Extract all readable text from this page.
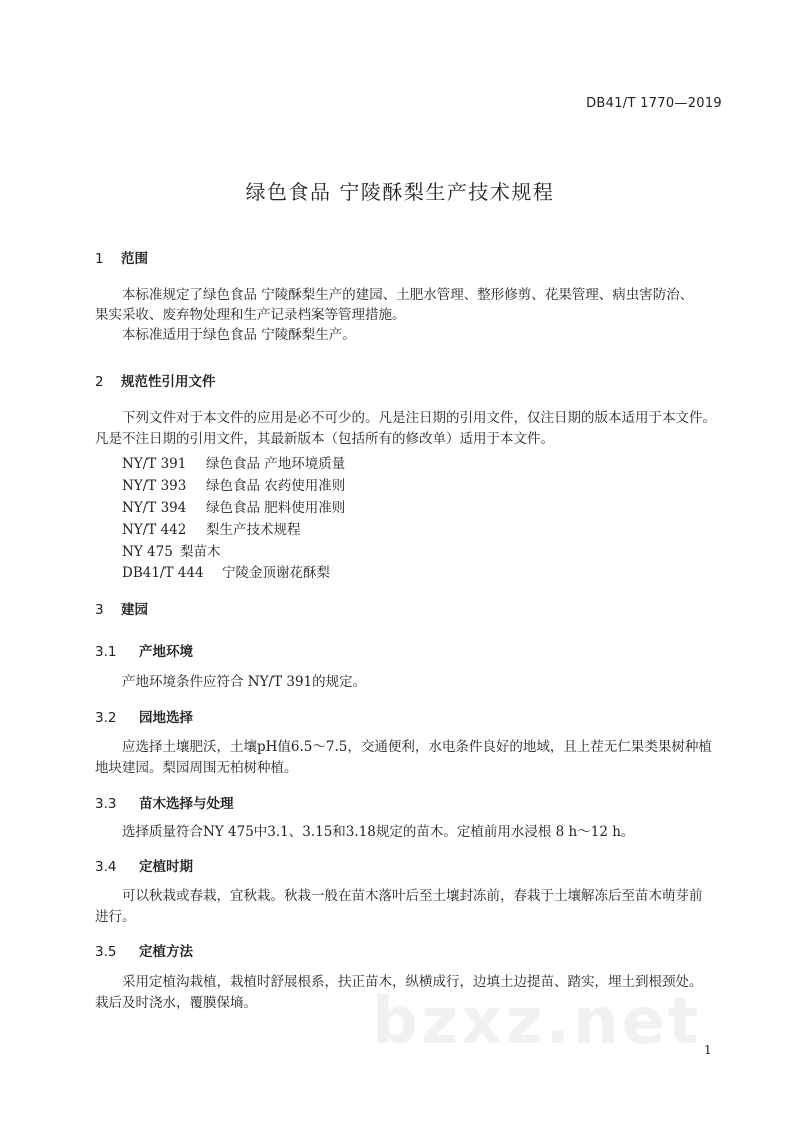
DB41/T 1770—2019
绿色食品 宁陵酥梨生产技术规程
1 范围
本标准规定了绿色食品 宁陵酥梨生产的建园、土肥水管理、整形修剪、花果管理、病虫害防治、
果实采收、废弃物处理和生产记录档案等管理措施。
本标准适用于绿色食品 宁陵酥梨生产。
2 规范性引用文件
下列文件对于本文件的应用是必不可少的。凡是注日期的引用文件，仅注日期的版本适用于本文件。
凡是不注日期的引用文件，其最新版本（包括所有的修改单）适用于本文件。
NY/T 391 绿色食品 产地环境质量
NY/T 393 绿色食品 农药使用准则
NY/T 394 绿色食品 肥料使用准则
NY/T 442 梨生产技术规程
NY 475 梨苗木
DB41/T 444 宁陵金顶谢花酥梨
3 建园
3.1 产地环境
产地环境条件应符合 NY/T 391的规定。
3.2 园地选择
应选择土壤肥沃，土壤pH值6.5～7.5，交通便利，水电条件良好的地域，且上茬无仁果类果树种植
地块建园。梨园周围无柏树种植。
3.3 苗木选择与处理
选择质量符合NY 475中3.1、3.15和3.18规定的苗木。定植前用水浸根 8 h～12 h。
3.4 定植时期
可以秋栽或春栽，宜秋栽。秋栽一般在苗木落叶后至土壤封冻前，春栽于土壤解冻后至苗木萌芽前
进行。
3.5 定植方法
采用定植沟栽植，栽植时舒展根系，扶正苗木，纵横成行，边填土边提苗、踏实，埋土到根颈处。
栽后及时浇水，覆膜保墒。 bzxz.net 1
